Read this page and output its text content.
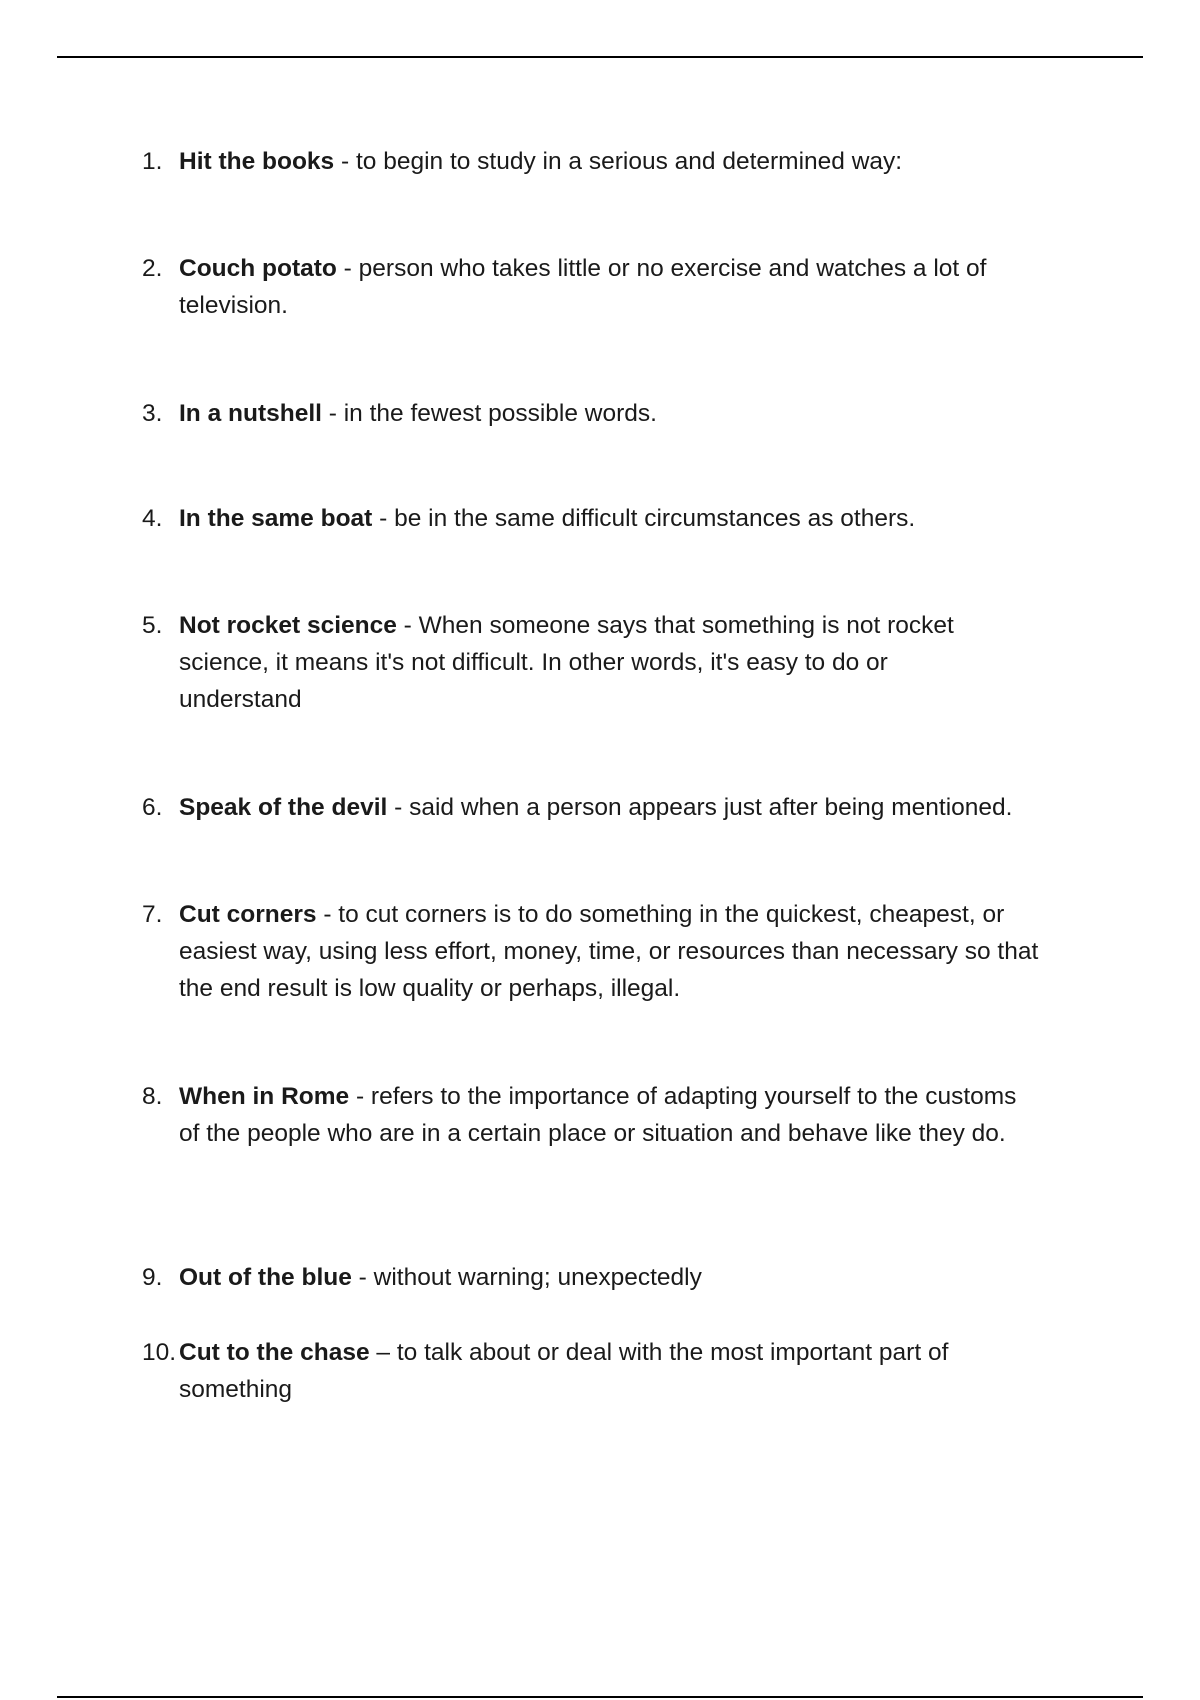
1. Hit the books - to begin to study in a serious and determined way:
2. Couch potato - person who takes little or no exercise and watches a lot of television.
3. In a nutshell - in the fewest possible words.
4. In the same boat - be in the same difficult circumstances as others.
5. Not rocket science - When someone says that something is not rocket science, it means it's not difficult. In other words, it's easy to do or understand
6. Speak of the devil - said when a person appears just after being mentioned.
7. Cut corners - to cut corners is to do something in the quickest, cheapest, or easiest way, using less effort, money, time, or resources than necessary so that the end result is low quality or perhaps, illegal.
8. When in Rome - refers to the importance of adapting yourself to the customs of the people who are in a certain place or situation and behave like they do.
9. Out of the blue - without warning; unexpectedly
10. Cut to the chase – to talk about or deal with the most important part of something
